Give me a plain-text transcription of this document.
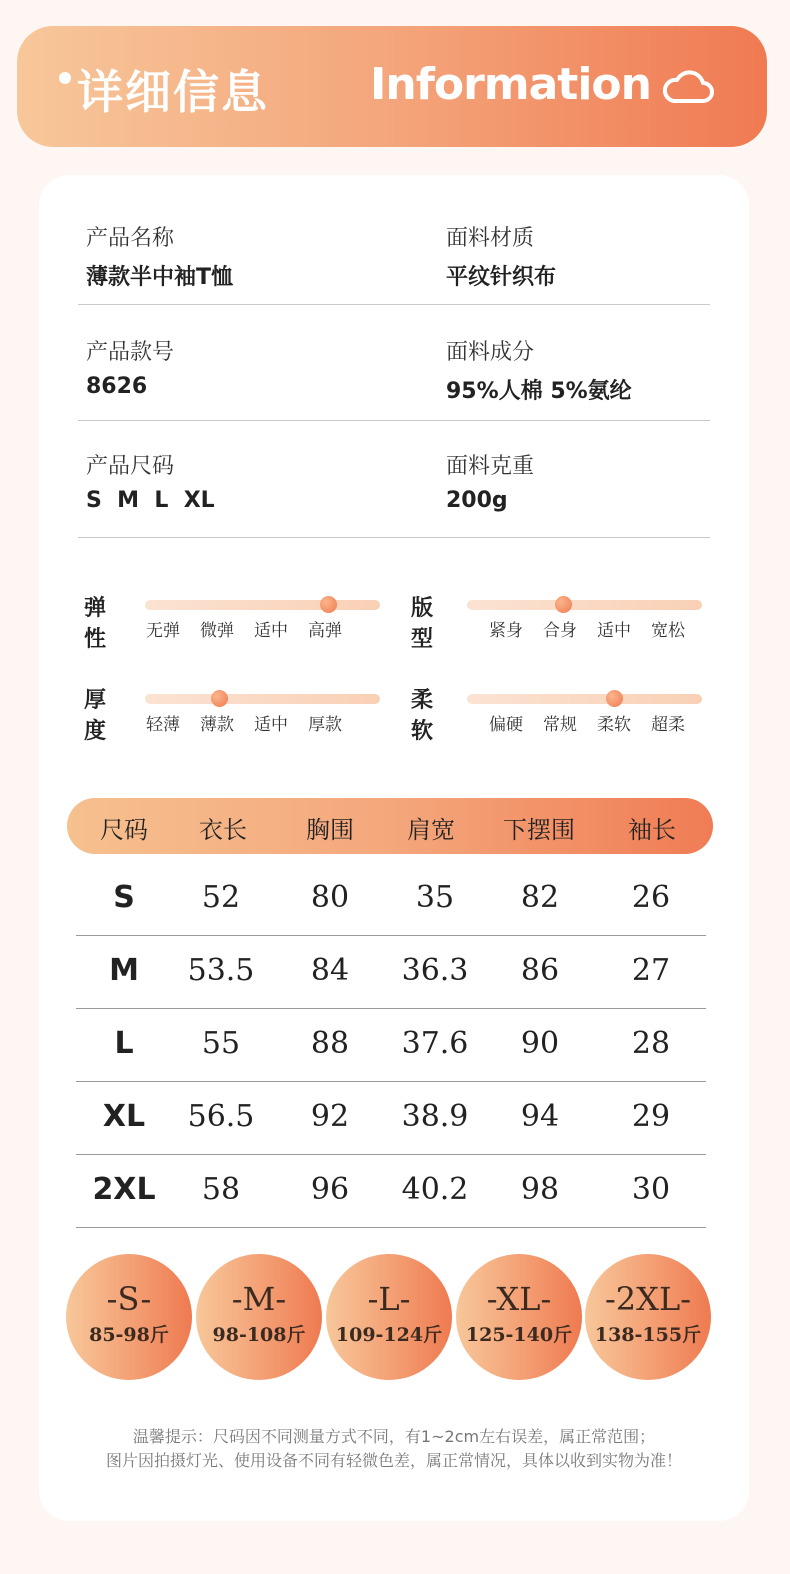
详细信息 Information
产品名称
薄款半中袖T恤
面料材质
平纹针织布
产品款号
8626
面料成分
95%人棉 5%氨纶
产品尺码
S  M  L  XL
面料克重
200g
弹性 无弹	微弹	适中	高弹
版型	紧身	合身	适中	宽松
厚度 轻薄	薄款	适中	厚款
柔软	偏硬	常规	柔软	超柔
尺码 衣长 胸围 肩宽 下摆围 袖长
S 52 80 35 82 26
M 53.5 84 36.3 86 27
L 55 88 37.6 90 28
XL 56.5 92 38.9 94 29
2XL 58 96 40.2 98 30
-S-
85-98斤
-M-
98-108斤
-L-
109-124斤
-XL-
125-140斤
-2XL-
138-155斤
温馨提示：尺码因不同测量方式不同，有1~2cm左右误差，属正常范围；
图片因拍摄灯光、使用设备不同有轻微色差，属正常情况，具体以收到实物为准！
